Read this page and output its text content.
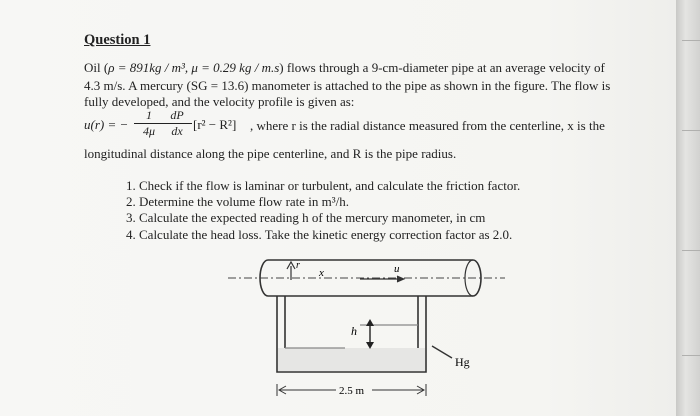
Question 1
Oil (ρ = 891kg / m³, μ = 0.29 kg / m.s) flows through a 9-cm-diameter pipe at an average velocity of
4.3 m/s. A mercury (SG = 13.6) manometer is attached to the pipe as shown in the figure. The flow is
fully developed, and the velocity profile is given as:
u(r) = −
1
4μ
dP
dx [r² − R²] , where r is the radial distance measured from the centerline, x is the
longitudinal distance along the pipe centerline, and R is the pipe radius.
1. Check if the flow is laminar or turbulent, and calculate the friction factor.
2. Determine the volume flow rate in m³/h.
3. Calculate the expected reading h of the mercury manometer, in cm
4. Calculate the head loss. Take the kinetic energy correction factor as 2.0.
r
x	u
h
Hg
2.5 m
